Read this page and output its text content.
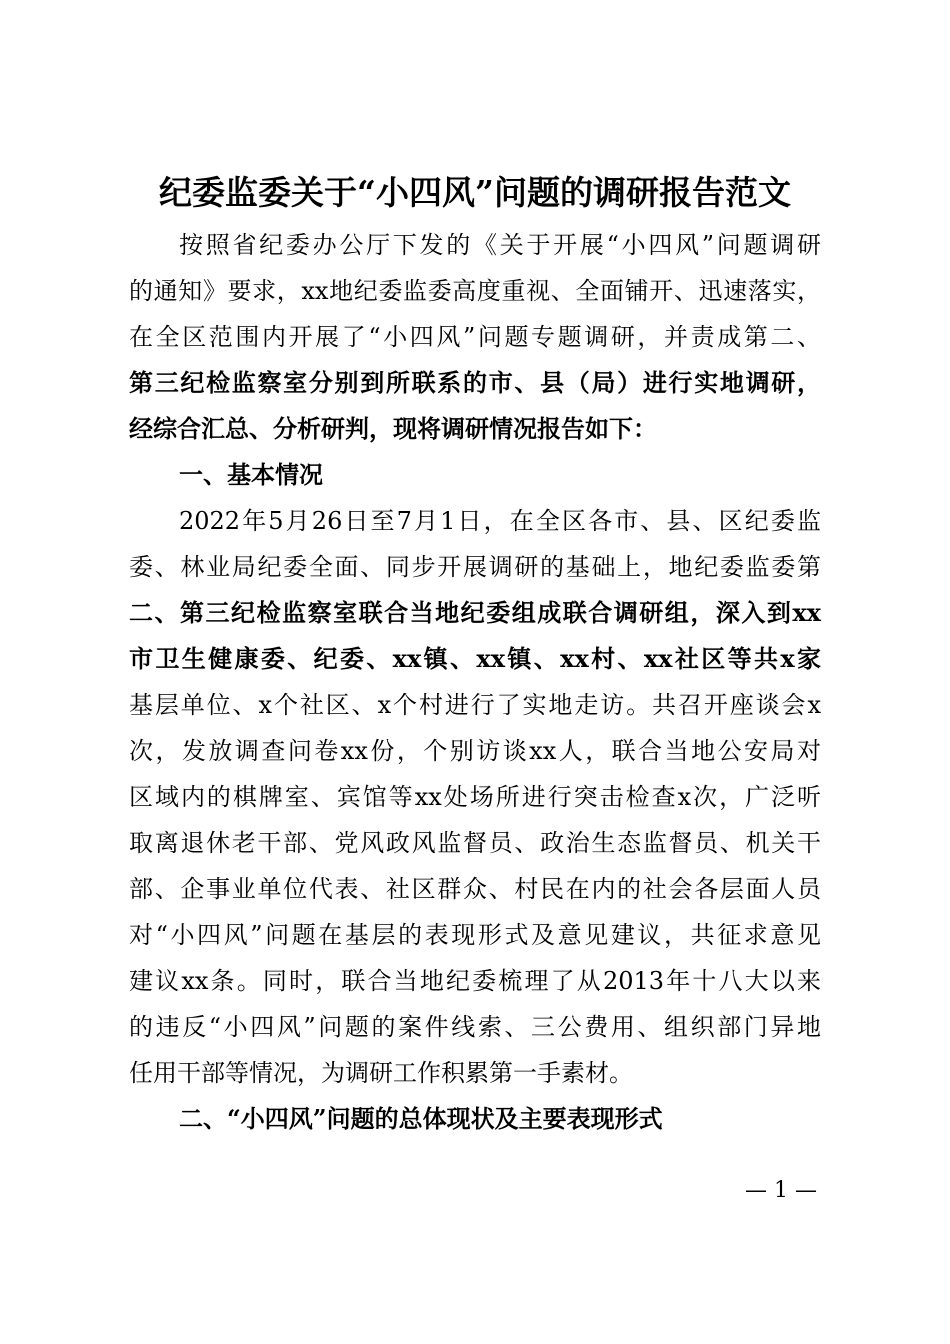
纪委监委关于“小四风”问题的调研报告范文
按照省纪委办公厅下发的《关于开展“小四风”问题调研
的通知》要求，xx地纪委监委高度重视、全面铺开、迅速落实，
在全区范围内开展了“小四风”问题专题调研，并责成第二、
第三纪检监察室分别到所联系的市、县（局）进行实地调研，
经综合汇总、分析研判，现将调研情况报告如下：
一、基本情况
2022年5月26日至7月1日，在全区各市、县、区纪委监
委、林业局纪委全面、同步开展调研的基础上，地纪委监委第
二、第三纪检监察室联合当地纪委组成联合调研组，深入到xx
市卫生健康委、纪委、xx镇、xx镇、xx村、xx社区等共x家
基层单位、x个社区、x个村进行了实地走访。共召开座谈会x
次，发放调查问卷xx份，个别访谈xx人，联合当地公安局对
区域内的棋牌室、宾馆等xx处场所进行突击检查x次，广泛听
取离退休老干部、党风政风监督员、政治生态监督员、机关干
部、企事业单位代表、社区群众、村民在内的社会各层面人员
对“小四风”问题在基层的表现形式及意见建议，共征求意见
建议xx条。同时，联合当地纪委梳理了从2013年十八大以来
的违反“小四风”问题的案件线索、三公费用、组织部门异地
任用干部等情况，为调研工作积累第一手素材。
二、“小四风”问题的总体现状及主要表现形式
— 1 —
